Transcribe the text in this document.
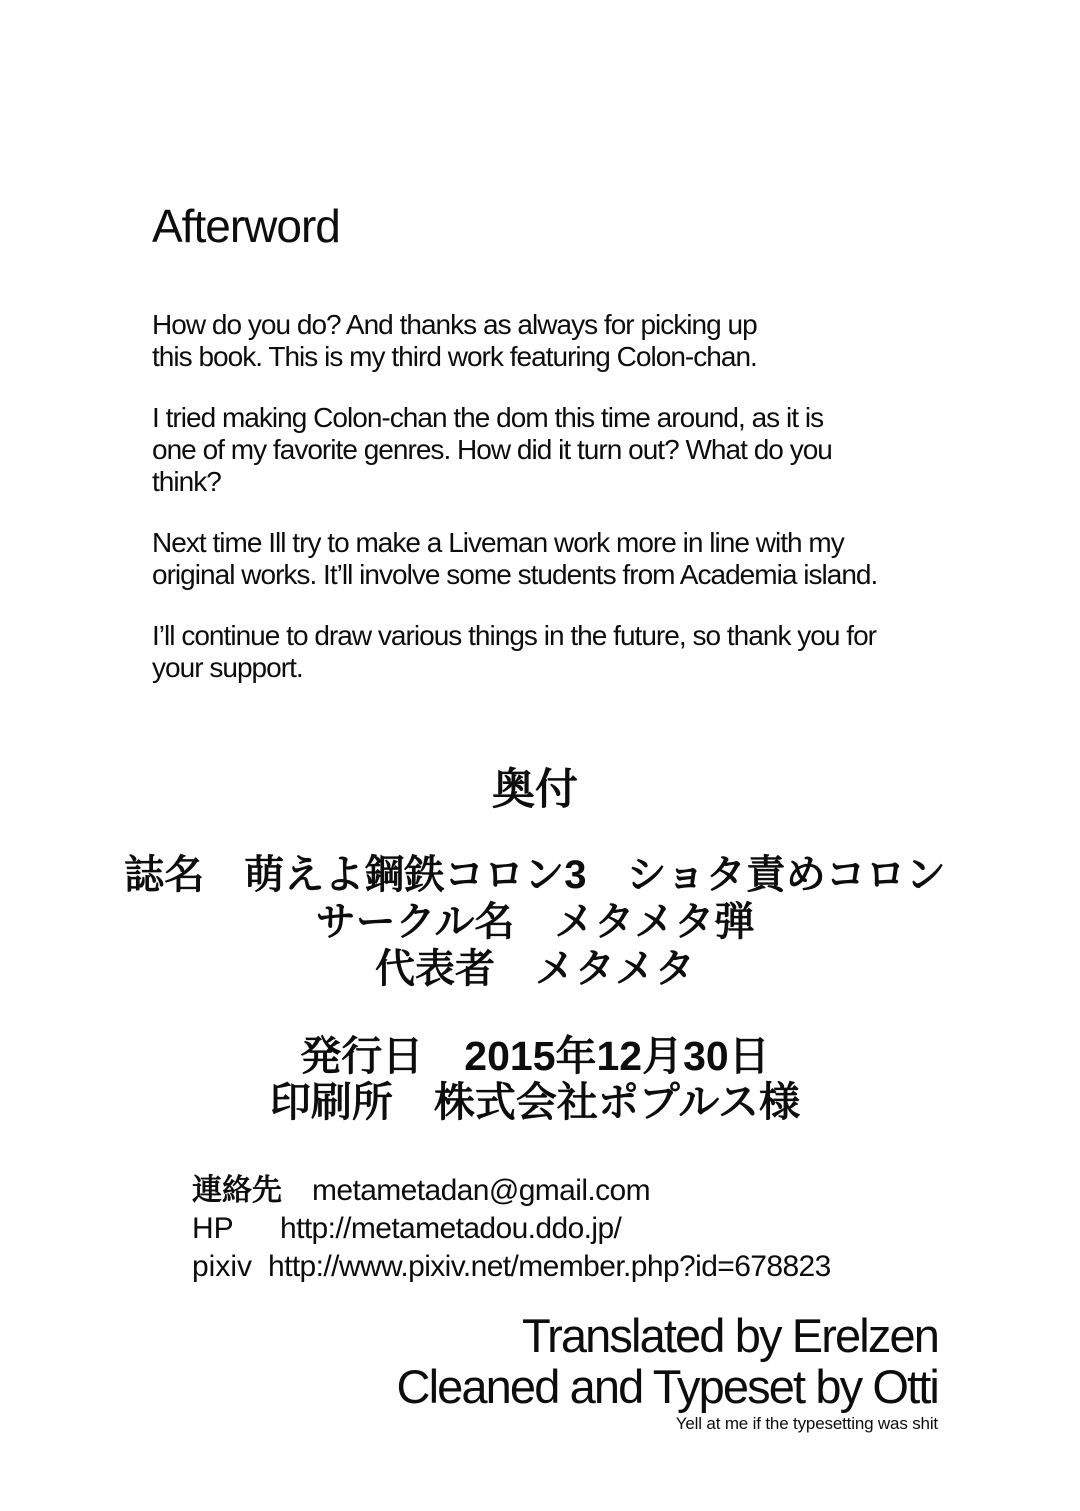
Afterword
How do you do? And thanks as always for picking up
this book. This is my third work featuring Colon-chan.
I tried making Colon-chan the dom this time around, as it is
one of my favorite genres. How did it turn out? What do you
think?
Next time Ill try to make a Liveman work more in line with my
original works. It’ll involve some students from Academia island.
I’ll continue to draw various things in the future, so thank you for
your support.
奥付
誌名　萌えよ鋼鉄コロン3　ショタ責めコロン
サークル名　メタメタ弾
代表者　メタメタ
発行日　2015年12月30日
印刷所　株式会社ポプルス様
連絡先 metametadan@gmail.com
HP http://metametadou.ddo.jp/
pixiv http://www.pixiv.net/member.php?id=678823
Translated by Erelzen
Cleaned and Typeset by Otti
Yell at me if the typesetting was shit
